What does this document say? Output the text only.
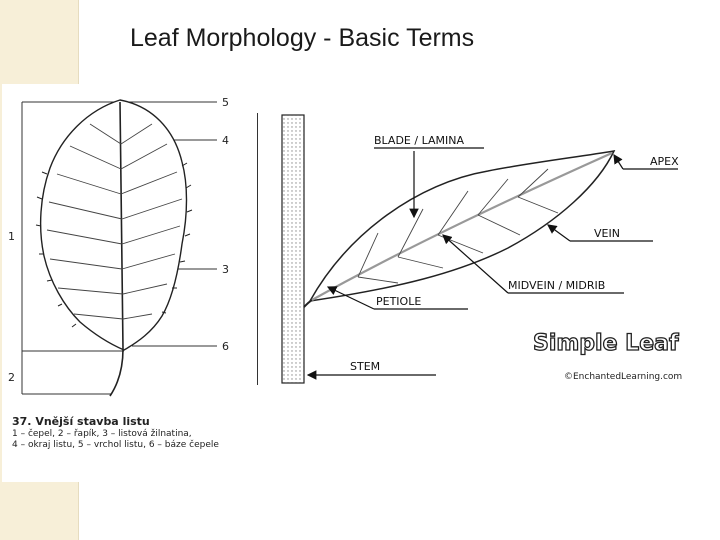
Leaf Morphology - Basic Terms
5
4
1
3
6
2
37. Vnější stavba listu
1 – čepel, 2 – řapík, 3 – listová žilnatina,
4 – okraj listu, 5 – vrchol listu, 6 – báze čepele
BLADE / LAMINA
APEX
VEIN
MIDVEIN / MIDRIB
PETIOLE
STEM
Simple Leaf
©EnchantedLearning.com
